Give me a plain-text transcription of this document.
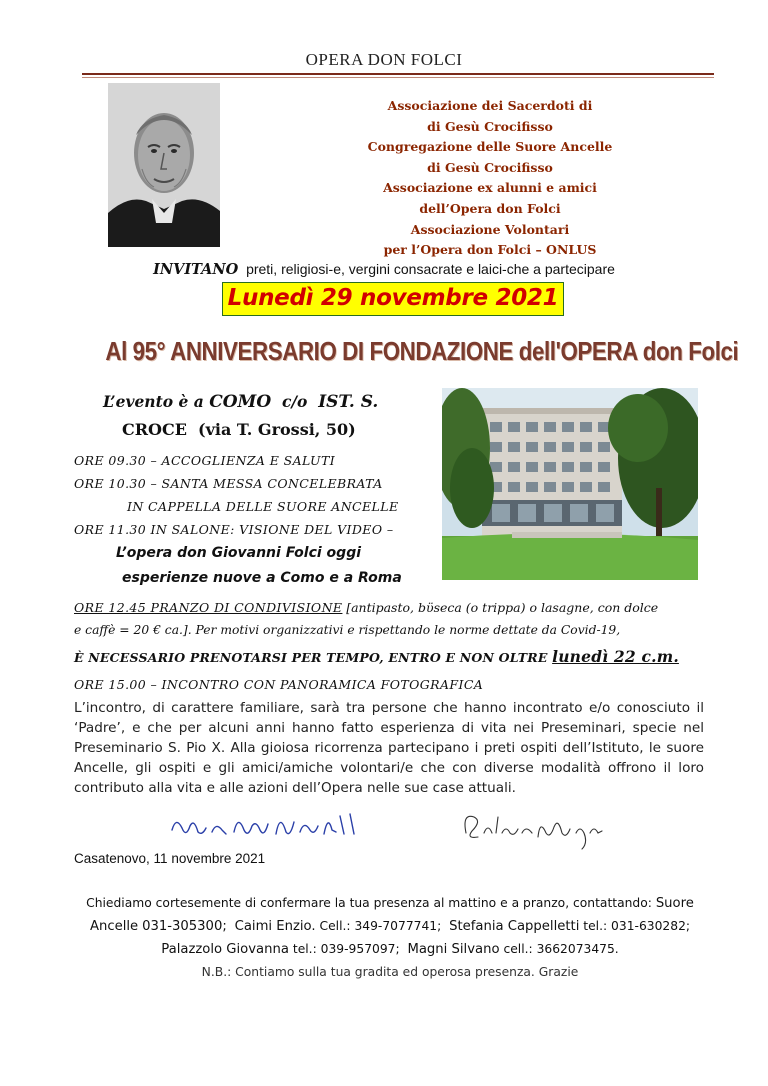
OPERA DON FOLCI
Associazione dei Sacerdoti di
di Gesù Crocifisso
Congregazione delle Suore Ancelle
di Gesù Crocifisso
Associazione ex alunni e amici
dell’Opera don Folci
Associazione Volontari
per l’Opera don Folci – ONLUS
INVITANO preti, religiosi-e, vergini consacrate e laici-che a partecipare
Lunedì 29 novembre 2021
Al 95° ANNIVERSARIO DI FONDAZIONE dell'OPERA don Folci
L’evento è a COMO c/o IST. S.
CROCE (via T. Grossi, 50)
ORE 09.30 – ACCOGLIENZA E SALUTI
ORE 10.30 – SANTA MESSA CONCELEBRATA
IN CAPPELLA DELLE SUORE ANCELLE
ORE 11.30 IN SALONE: VISIONE DEL VIDEO –
L’opera don Giovanni Folci oggi
esperienze nuove a Como e a Roma
ORE 12.45 PRANZO DI CONDIVISIONE [antipasto, bϋseca (o trippa) o lasagne, con dolce
e caffè = 20 € ca.]. Per motivi organizzativi e rispettando le norme dettate da Covid-19,
È NECESSARIO PRENOTARSI PER TEMPO, ENTRO E NON OLTRE lunedì 22 c.m.
ORE 15.00 – INCONTRO CON PANORAMICA FOTOGRAFICA
L’incontro, di carattere familiare, sarà tra persone che hanno incontrato e/o conosciuto il ‘Padre’, e che per alcuni anni hanno fatto esperienza di vita nei Preseminari, specie nel Preseminario S. Pio X. Alla gioiosa ricorrenza partecipano i preti ospiti dell’Istituto, le suore Ancelle, gli ospiti e gli amici/amiche volontari/e che con diverse modalità offrono il loro contributo alla vita e alle azioni dell’Opera nelle sue case attuali.
Casatenovo, 11 novembre 2021
Chiediamo cortesemente di confermare la tua presenza al mattino e a pranzo, contattando: Suore Ancelle 031-305300; Caimi Enzio. Cell.: 349-7077741; Stefania Cappelletti tel.: 031-630282; Palazzolo Giovanna tel.: 039-957097; Magni Silvano cell.: 3662073475.
N.B.: Contiamo sulla tua gradita ed operosa presenza. Grazie
